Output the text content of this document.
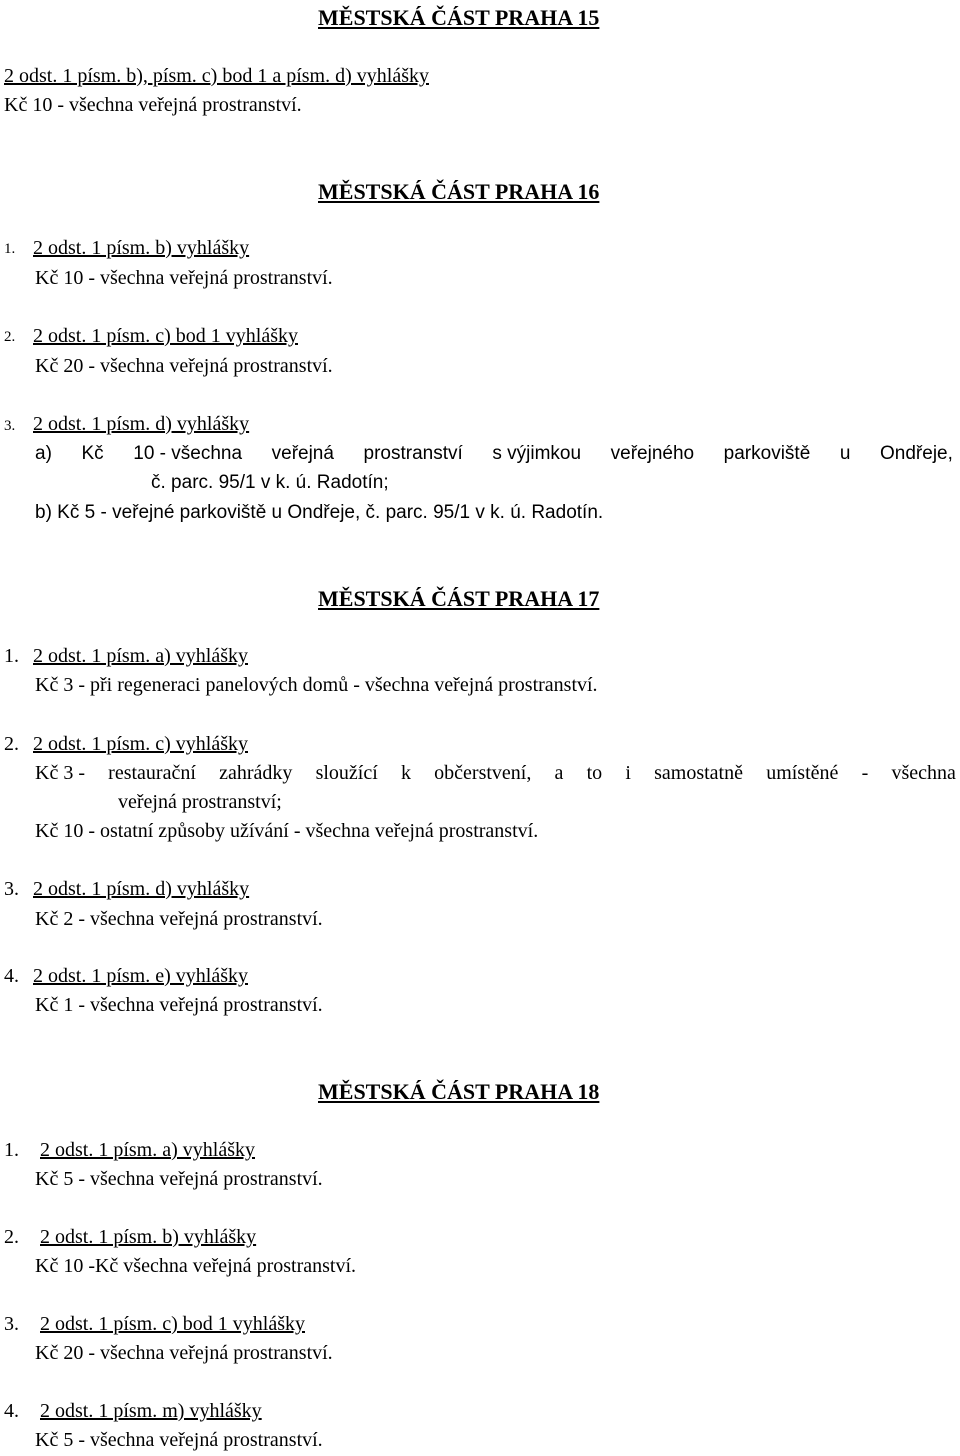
MĚSTSKÁ ČÁST PRAHA 15
2 odst. 1 písm. b), písm. c) bod 1 a písm. d) vyhlášky
Kč 10 - všechna veřejná prostranství.
MĚSTSKÁ ČÁST PRAHA 16
1. 2 odst. 1 písm. b) vyhlášky
Kč 10 - všechna veřejná prostranství.
2. 2 odst. 1 písm. c) bod 1 vyhlášky
Kč 20 - všechna veřejná prostranství.
3. 2 odst. 1 písm. d) vyhlášky
a) Kč 10 - všechna veřejná prostranství s výjimkou veřejného parkoviště u Ondřeje,
č. parc. 95/1 v k. ú. Radotín;
b) Kč 5 - veřejné parkoviště u Ondřeje, č. parc. 95/1 v k. ú. Radotín.
MĚSTSKÁ ČÁST PRAHA 17
1. 2 odst. 1 písm. a) vyhlášky
Kč 3 - při regeneraci panelových domů - všechna veřejná prostranství.
2. 2 odst. 1 písm. c) vyhlášky
Kč 3 - restaurační zahrádky sloužící k občerstvení, a to i samostatně umístěné - všechna
veřejná prostranství;
Kč 10 - ostatní způsoby užívání - všechna veřejná prostranství.
3. 2 odst. 1 písm. d) vyhlášky
Kč 2 - všechna veřejná prostranství.
4. 2 odst. 1 písm. e) vyhlášky
Kč 1 - všechna veřejná prostranství.
MĚSTSKÁ ČÁST PRAHA 18
1. 2 odst. 1 písm. a) vyhlášky
Kč 5 - všechna veřejná prostranství.
2. 2 odst. 1 písm. b) vyhlášky
Kč 10 -Kč všechna veřejná prostranství.
3. 2 odst. 1 písm. c) bod 1 vyhlášky
Kč 20 - všechna veřejná prostranství.
4. 2 odst. 1 písm. m) vyhlášky
Kč 5 - všechna veřejná prostranství.
